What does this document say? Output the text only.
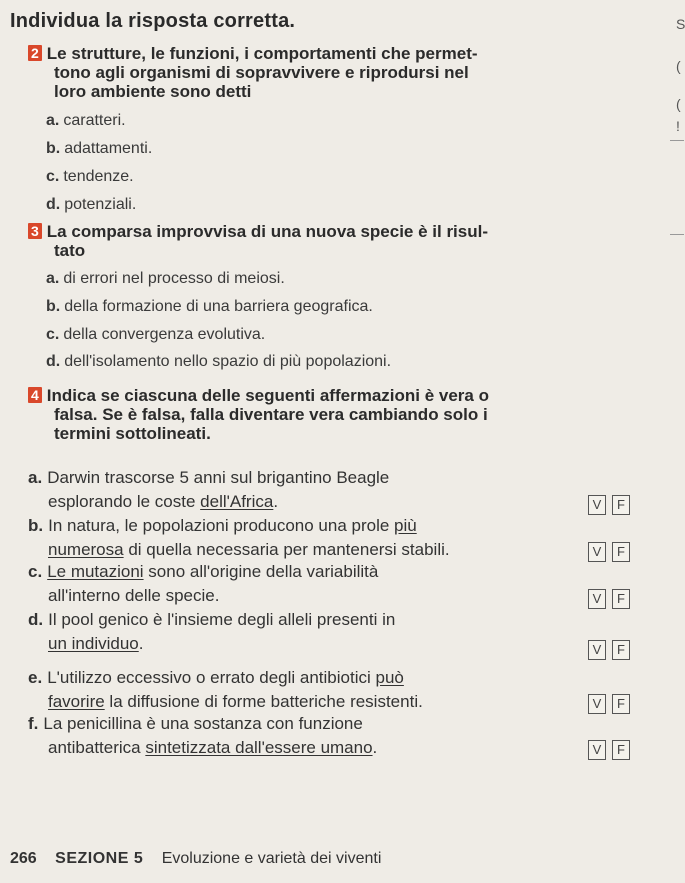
Individua la risposta corretta.
2 Le strutture, le funzioni, i comportamenti che permet-
tono agli organismi di sopravvivere e riprodursi nel
loro ambiente sono detti
a. caratteri.
b. adattamenti.
c. tendenze.
d. potenziali.
3 La comparsa improvvisa di una nuova specie è il risul-
tato
a. di errori nel processo di meiosi.
b. della formazione di una barriera geografica.
c. della convergenza evolutiva.
d. dell'isolamento nello spazio di più popolazioni.
4 Indica se ciascuna delle seguenti affermazioni è vera o
falsa. Se è falsa, falla diventare vera cambiando solo i
termini sottolineati.
a. Darwin trascorse 5 anni sul brigantino Beagle
esplorando le coste dell'Africa.	V	F
b. In natura, le popolazioni producono una prole più
numerosa di quella necessaria per mantenersi stabili.	V	F
c. Le mutazioni sono all'origine della variabilità
all'interno delle specie.	V	F
d. Il pool genico è l'insieme degli alleli presenti in
un individuo.	V	F
e. L'utilizzo eccessivo o errato degli antibiotici può
favorire la diffusione di forme batteriche resistenti.	V	F
f. La penicillina è una sostanza con funzione
antibatterica sintetizzata dall'essere umano.	V	F
266 SEZIONE 5 Evoluzione e varietà dei viventi
S
(
(
!
